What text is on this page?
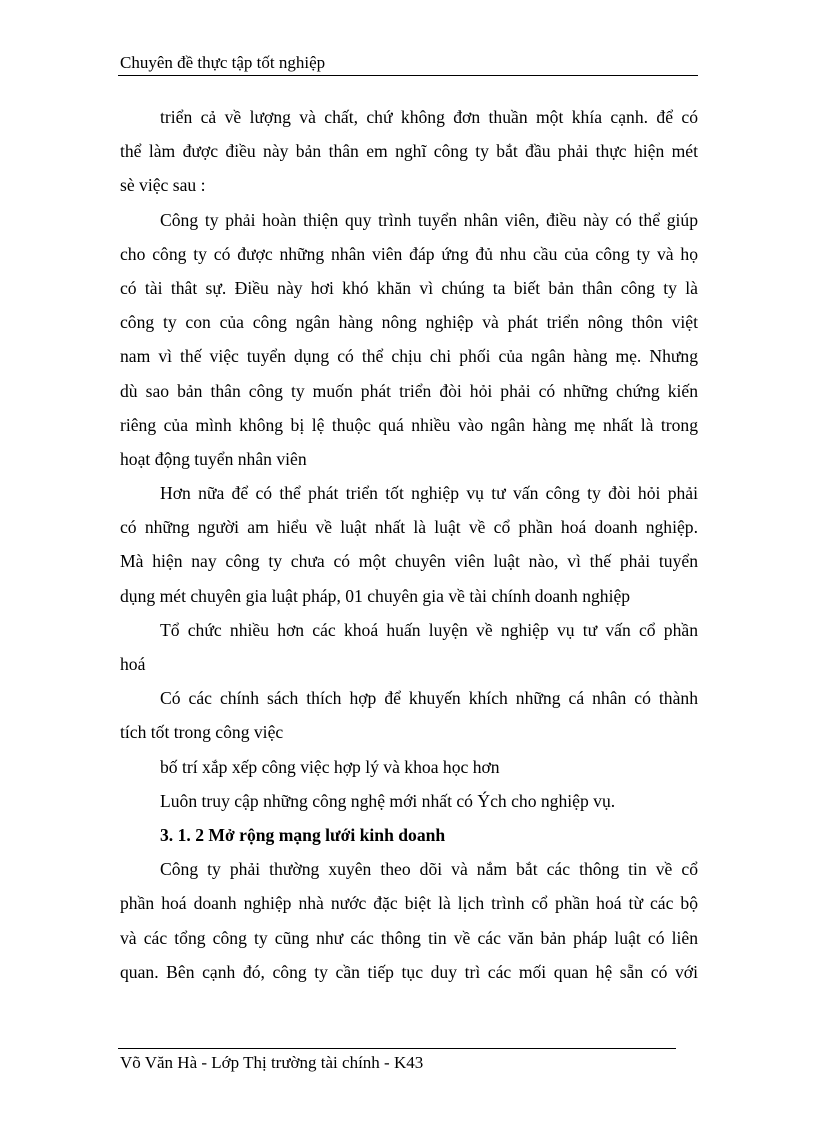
Chuyên đề thực tập tốt nghiệp
triển cả về lượng và chất, chứ không đơn thuần một khía cạnh. để có
thể làm được điều này bản thân em nghĩ công ty bắt đầu phải thực hiện mét
sè việc sau :
Công ty phải hoàn thiện quy trình tuyển nhân viên, điều này có thể giúp
cho công ty có được những nhân viên đáp ứng đủ nhu cầu của công ty và họ
có tài thât sự. Điều này hơi khó khăn vì chúng ta biết bản thân công ty là
công ty con của công ngân hàng nông nghiệp và phát triển nông thôn việt
nam vì thế việc tuyển dụng có thể chịu chi phối của ngân hàng mẹ. Nhưng
dù sao bản thân công ty muốn phát triển đòi hỏi phải có những chứng kiến
riêng của mình không bị lệ thuộc quá nhiều vào ngân hàng mẹ nhất là trong
hoạt động tuyển nhân viên
Hơn nữa để có thể phát triển tốt nghiệp vụ tư vấn công ty đòi hỏi phải
có những người am hiểu về luật nhất là luật về cổ phần hoá doanh nghiệp.
Mà hiện nay công ty chưa có một chuyên viên luật nào, vì thế phải tuyển
dụng mét chuyên gia luật pháp, 01 chuyên gia về tài chính doanh nghiệp
Tổ chức nhiều hơn các khoá huấn luyện về nghiệp vụ tư vấn cổ phần
hoá
Có các chính sách thích hợp để khuyến khích những cá nhân có thành
tích tốt trong công việc
bố trí xắp xếp công việc hợp lý và khoa học hơn
Luôn truy cập những công nghệ mới nhất có Ých cho nghiệp vụ.
3. 1. 2 Mở rộng mạng lưới kinh doanh
Công ty phải thường xuyên theo dõi và nắm bắt các thông tin về cổ
phần hoá doanh nghiệp nhà nước đặc biệt là lịch trình cổ phần hoá từ các bộ
và các tổng công ty cũng như các thông tin về các văn bản pháp luật có liên
quan. Bên cạnh đó, công ty cần tiếp tục duy trì các mối quan hệ sẵn có với
Võ Văn Hà - Lớp Thị trường tài chính - K43
